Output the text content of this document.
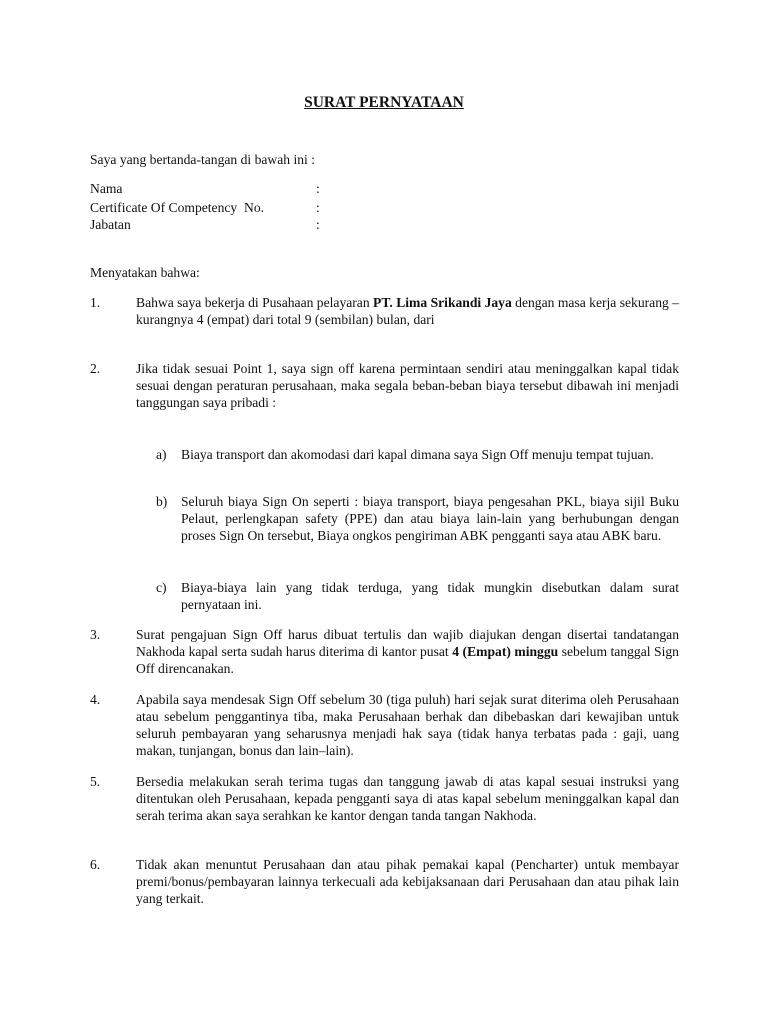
SURAT PERNYATAAN
Saya yang bertanda-tangan di bawah ini :
Nama	:
Certificate Of Competency  No.	:
Jabatan	:
Menyatakan bahwa:
1.	Bahwa saya bekerja di Pusahaan pelayaran PT. Lima Srikandi Jaya dengan masa kerja sekurang – kurangnya 4 (empat) dari total 9 (sembilan) bulan, dari
2.	Jika tidak sesuai Point 1, saya sign off karena permintaan sendiri atau meninggalkan kapal tidak sesuai dengan peraturan perusahaan, maka segala beban-beban biaya tersebut dibawah ini menjadi tanggungan saya pribadi :
a) Biaya transport dan akomodasi dari kapal dimana saya Sign Off menuju tempat tujuan.
b) Seluruh biaya Sign On seperti : biaya transport, biaya pengesahan PKL, biaya sijil Buku Pelaut, perlengkapan safety (PPE) dan atau biaya lain-lain yang berhubungan dengan proses Sign On tersebut, Biaya ongkos pengiriman ABK pengganti saya atau ABK baru.
c) Biaya-biaya lain yang tidak terduga, yang tidak mungkin disebutkan dalam surat pernyataan ini.
3.	Surat pengajuan Sign Off harus dibuat tertulis dan wajib diajukan dengan disertai tandatangan Nakhoda kapal serta sudah harus diterima di kantor pusat 4 (Empat) minggu sebelum tanggal Sign Off direncanakan.
4.	Apabila saya mendesak Sign Off sebelum 30 (tiga puluh) hari sejak surat diterima oleh Perusahaan atau sebelum penggantinya tiba, maka Perusahaan berhak dan dibebaskan dari kewajiban untuk seluruh pembayaran yang seharusnya menjadi hak saya (tidak hanya terbatas pada : gaji, uang makan, tunjangan, bonus dan lain–lain).
5.	Bersedia melakukan serah terima tugas dan tanggung jawab di atas kapal sesuai instruksi yang ditentukan oleh Perusahaan, kepada pengganti saya di atas kapal sebelum meninggalkan kapal dan serah terima akan saya serahkan ke kantor dengan tanda tangan Nakhoda.
6.	Tidak akan menuntut Perusahaan dan atau pihak pemakai kapal (Pencharter) untuk membayar premi/bonus/pembayaran lainnya terkecuali ada kebijaksanaan dari Perusahaan dan atau pihak lain yang terkait.
